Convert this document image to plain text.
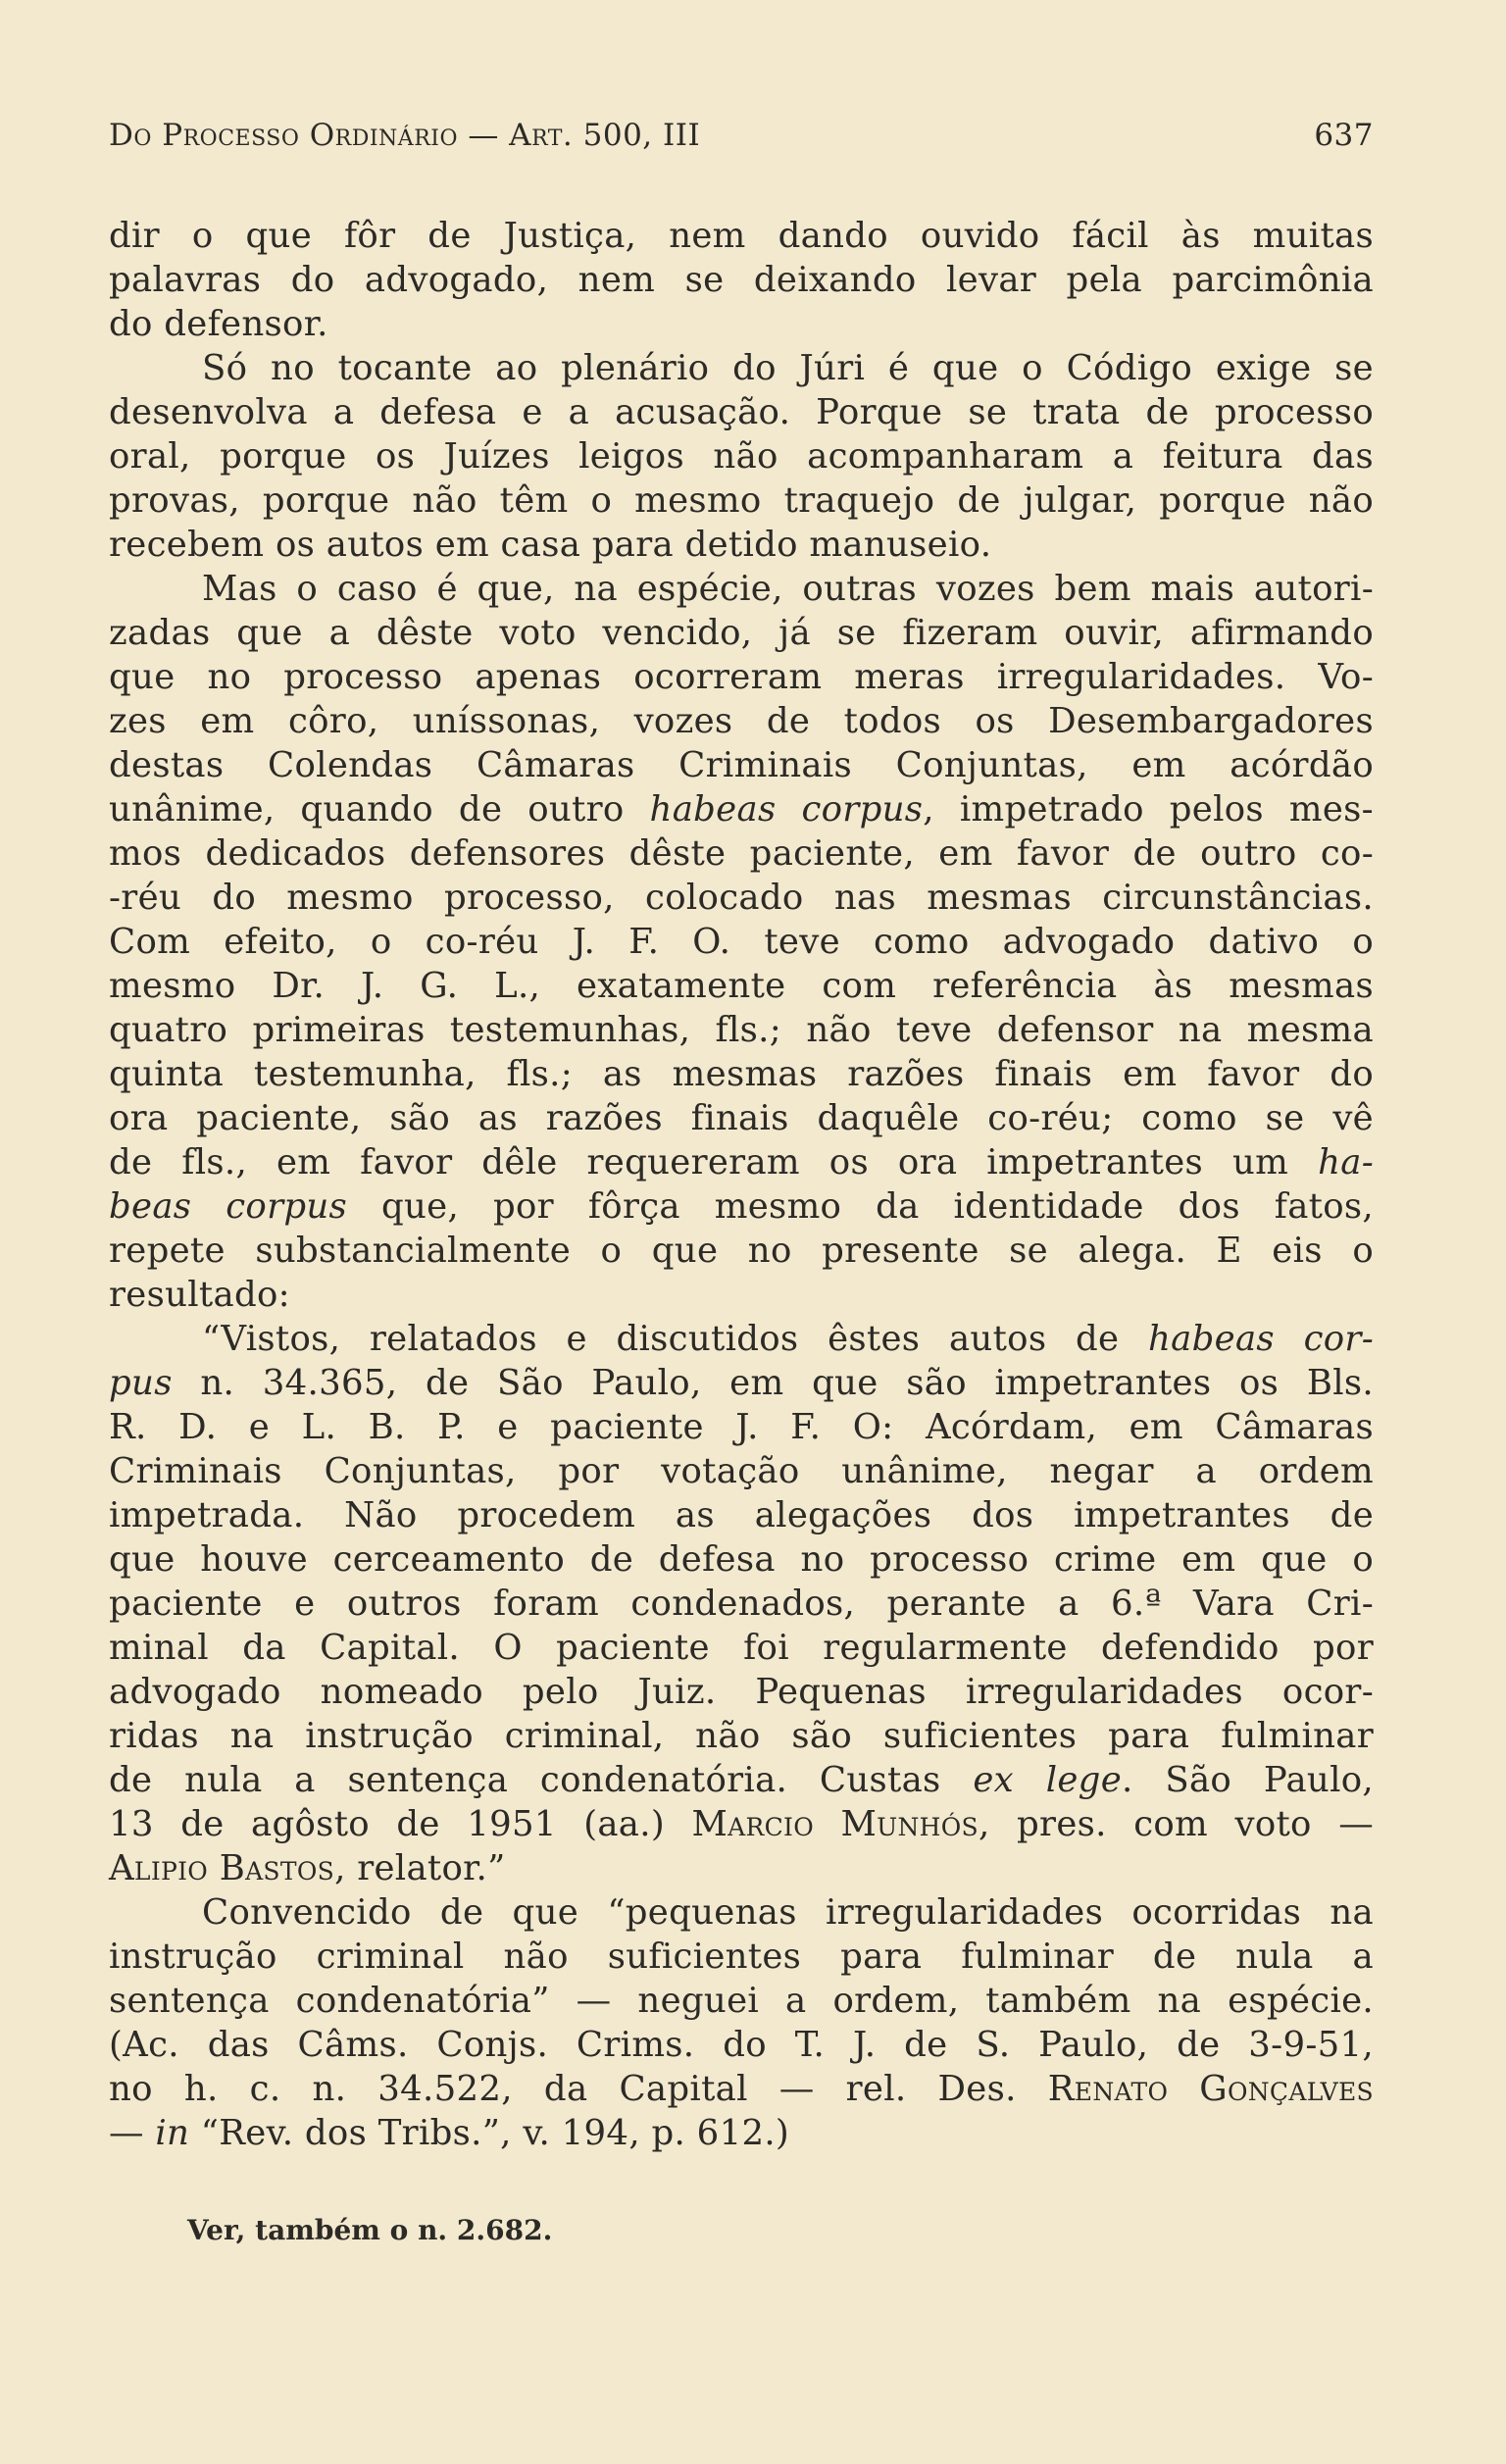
Do Processo Ordinário — Art. 500, III	637
dir o que fôr de Justiça, nem dando ouvido fácil às muitas
palavras do advogado, nem se deixando levar pela parcimônia
do defensor.
Só no tocante ao plenário do Júri é que o Código exige se
desenvolva a defesa e a acusação. Porque se trata de processo
oral, porque os Juízes leigos não acompanharam a feitura das
provas, porque não têm o mesmo traquejo de julgar, porque não
recebem os autos em casa para detido manuseio.
Mas o caso é que, na espécie, outras vozes bem mais autori-
zadas que a dêste voto vencido, já se fizeram ouvir, afirmando
que no processo apenas ocorreram meras irregularidades. Vo-
zes em côro, uníssonas, vozes de todos os Desembargadores
destas Colendas Câmaras Criminais Conjuntas, em acórdão
unânime, quando de outro habeas corpus, impetrado pelos mes-
mos dedicados defensores dêste paciente, em favor de outro co-
-réu do mesmo processo, colocado nas mesmas circunstâncias.
Com efeito, o co-réu J. F. O. teve como advogado dativo o
mesmo Dr. J. G. L., exatamente com referência às mesmas
quatro primeiras testemunhas, fls.; não teve defensor na mesma
quinta testemunha, fls.; as mesmas razões finais em favor do
ora paciente, são as razões finais daquêle co-réu; como se vê
de fls., em favor dêle requereram os ora impetrantes um ha-
beas corpus que, por fôrça mesmo da identidade dos fatos,
repete substancialmente o que no presente se alega. E eis o
resultado:
“Vistos, relatados e discutidos êstes autos de habeas cor-
pus n. 34.365, de São Paulo, em que são impetrantes os Bls.
R. D. e L. B. P. e paciente J. F. O: Acórdam, em Câmaras
Criminais Conjuntas, por votação unânime, negar a ordem
impetrada. Não procedem as alegações dos impetrantes de
que houve cerceamento de defesa no processo crime em que o
paciente e outros foram condenados, perante a 6.ª Vara Cri-
minal da Capital. O paciente foi regularmente defendido por
advogado nomeado pelo Juiz. Pequenas irregularidades ocor-
ridas na instrução criminal, não são suficientes para fulminar
de nula a sentença condenatória. Custas ex lege. São Paulo,
13 de agôsto de 1951 (aa.) Marcio Munhós, pres. com voto —
Alipio Bastos, relator.”
Convencido de que “pequenas irregularidades ocorridas na
instrução criminal não suficientes para fulminar de nula a
sentença condenatória” — neguei a ordem, também na espécie.
(Ac. das Câms. Conjs. Crims. do T. J. de S. Paulo, de 3-9-51,
no h. c. n. 34.522, da Capital — rel. Des. Renato Gonçalves
— in “Rev. dos Tribs.”, v. 194, p. 612.)
Ver, também o n. 2.682.
